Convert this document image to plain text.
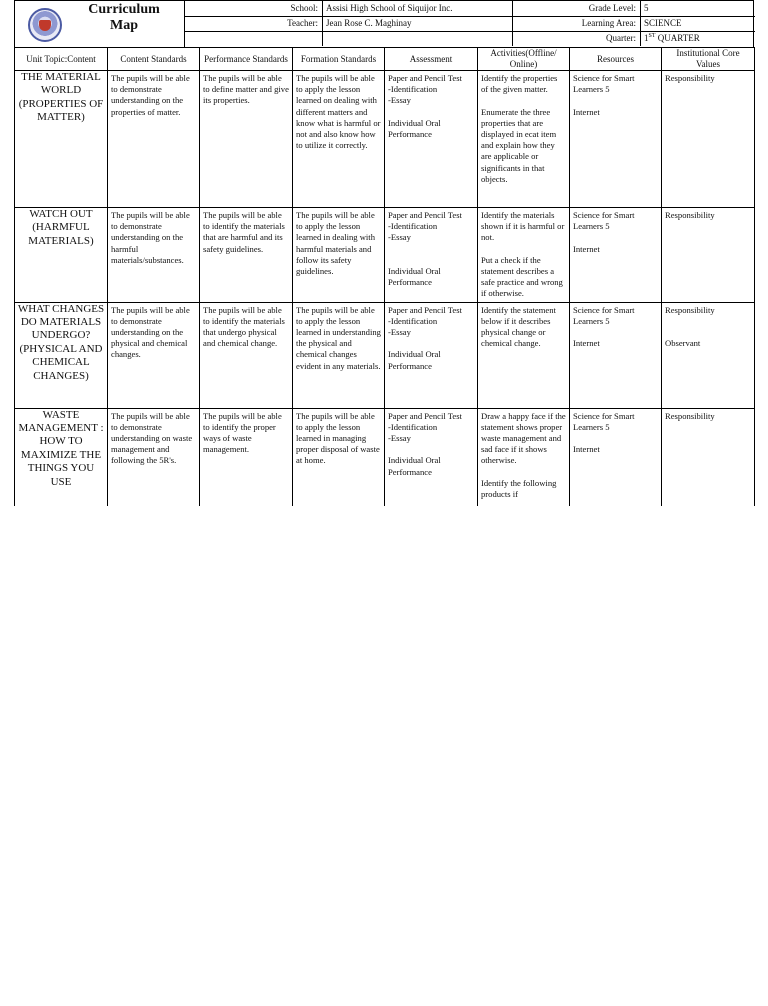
Curriculum Map
School: Assisi High School of Siquijor Inc.	Grade Level: 5
Teacher: Jean Rose C. Maghinay	Learning Area: SCIENCE
Quarter: 1ST QUARTER
Unit Topic:Content	Content Standards	Performance Standards	Formation Standards	Assessment	Activities(Offline/ Online)	Resources	Institutional Core Values
THE MATERIAL WORLD (PROPERTIES OF MATTER)	The pupils will be able to demonstrate understanding on the properties of matter.	The pupils will be able to define matter and give its properties.	The pupils will be able to apply the lesson learned on dealing with different matters and know what is harmful or not and also know how to utilize it correctly.	Paper and Pencil Test
-Identification
-Essay

Individual Oral Performance	Identify the properties of the given matter.

Enumerate the three properties that are displayed in ecat item and explain how they are applicable or significants in that objects.	Science for Smart Learners 5

Internet	Responsibility
WATCH OUT (HARMFUL MATERIALS)	The pupils will be able to demonstrate understanding on the harmful materials/substances.	The pupils will be able to identify the materials that are harmful and its safety guidelines.	The pupils will be able to apply the lesson learned in dealing with harmful materials and follow its safety guidelines.	Paper and Pencil Test
-Identification
-Essay

Individual Oral Performance	Identify the materials shown if it is harmful or not.

Put a check if the statement describes a safe practice and wrong if otherwise.	Science for Smart Learners 5

Internet	Responsibility
WHAT CHANGES DO MATERIALS UNDERGO? (PHYSICAL AND CHEMICAL CHANGES)	The pupils will be able to demonstrate understanding on the physical and chemical changes.	The pupils will be able to identify the materials that undergo physical and chemical change.	The pupils will be able to apply the lesson learned in understanding the physical and chemical changes evident in any materials.	Paper and Pencil Test
-Identification
-Essay

Individual Oral Performance	Identify the statement below if it describes physical change or chemical change.	Science for Smart Learners 5

Internet	Responsibility

Observant
WASTE MANAGEMENT : HOW TO MAXIMIZE THE THINGS YOU USE	The pupils will be able to demonstrate understanding on waste management and following the 5R's.	The pupils will be able to identify the proper ways of waste management.	The pupils will be able to apply the lesson learned in managing proper disposal of waste at home.	Paper and Pencil Test
-Identification
-Essay

Individual Oral Performance	Draw a happy face if the statement shows proper waste management and sad face if it shows otherwise.

Identify the following products if	Science for Smart Learners 5

Internet	Responsibility
